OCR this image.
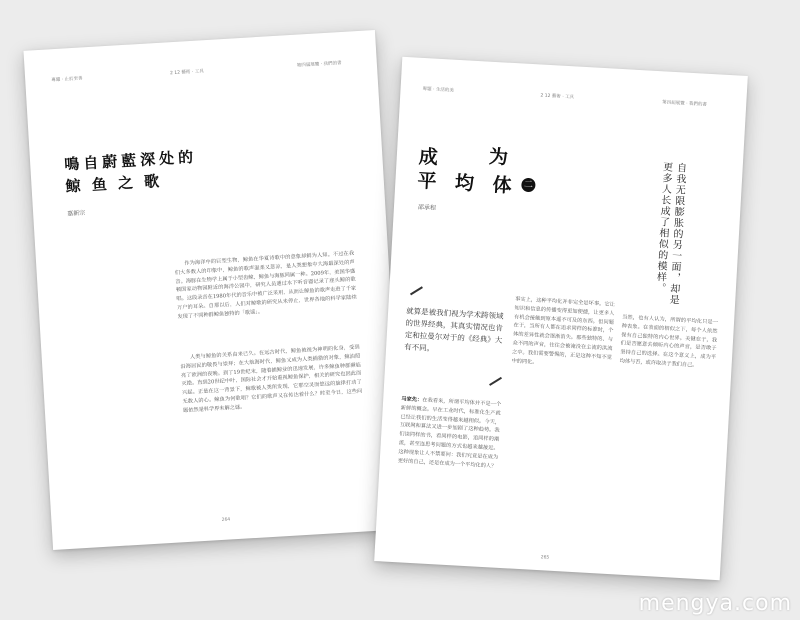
專題 · 止於至善
2 12 藝術 · 工具
第四屆展覽 · 我們的書
鳴自蔚藍深处的
鲸 鱼 之 歌
嘉新宗
作为海洋中的巨型生物，鲸鱼在华夏诗歌中的意象却鲜为人知。不过在我们大多数人的印象中，鲸鱼的歌声温柔又悲凉，是人类想象中大海最深处的声音。海豚在生物学上属于小型齿鲸，鲸鱼与海豚同属一种。2009年，美国华盛顿国家动物园附近的海洋公园中，研究人员通过水下听音器记录了座头鲸的歌唱。这段录音在1980年代的音乐中被广泛采用，从而让鲸鱼的歌声走进了千家万户的耳朵。自那以后，人们对鲸歌的研究从未停止，世界各地的科学家陆续发现了不同种群鲸鱼独特的「歌谣」。
人类与鲸鱼的关系由来已久。在远古时代，鲸鱼被视为神明的化身，受到沿海居民的敬畏与崇拜；在大航海时代，鲸鱼又成为人类捕猎的对象，鲸油照亮了欧洲的夜晚。到了19世纪末，随着捕鲸业的迅速发展，许多鲸鱼种群濒临灭绝。直到20世纪中叶，国际社会才开始重视鲸鱼保护，相关的研究也因此而兴起。正是在这一背景下，鲸歌被人类所发现，它那空灵而悠远的旋律打动了无数人的心。鲸鱼为何歌唱？它们的歌声又在传达着什么？时至今日，这些问题依然是科学界未解之谜。
264
專題 · 生活的美
2 12 藝術 · 工具
第四屆展覽 · 我們的書
成 为
平 均 体 二
邵承程	自我无限膨胀的另一面，却是更多人长成了相似的模样。
就算是被我们视为学术跨领域的世界经典，其真实情况也肯定和拉曼尔对于的《经典》大有不同。
马家先：在我看来，所谓平均体并不是一个新鲜的概念。早在工业时代，标准化生产就已经让我们的生活变得越来越相似。今天，互联网和算法又进一步加剧了这种趋势。我们读同样的书，看同样的电影，追同样的潮流，甚至连思考问题的方式也越来越接近。这种现象让人不禁要问：我们究竟是在成为更好的自己，还是在成为一个平均化的人？
事实上，这种平均化并非完全是坏事。它让知识和信息的传播变得更加便捷，让更多人有机会接触到原本遥不可及的东西。但问题在于，当所有人都在追求同样的标准时，个体的差异性就会逐渐消失。那些独特的、与众不同的声音，往往会被淹没在主流的洪流之中。我们需要警惕的，正是这种不知不觉中的同化。
当然，也有人认为，所谓的平均化只是一种表象。在表面的相似之下，每个人依然保有自己独特的内心世界。关键在于，我们是否愿意去倾听内心的声音，是否敢于坚持自己的选择。在这个意义上，成为平均体与否，或许取决于我们自己。
265
mengya.com
